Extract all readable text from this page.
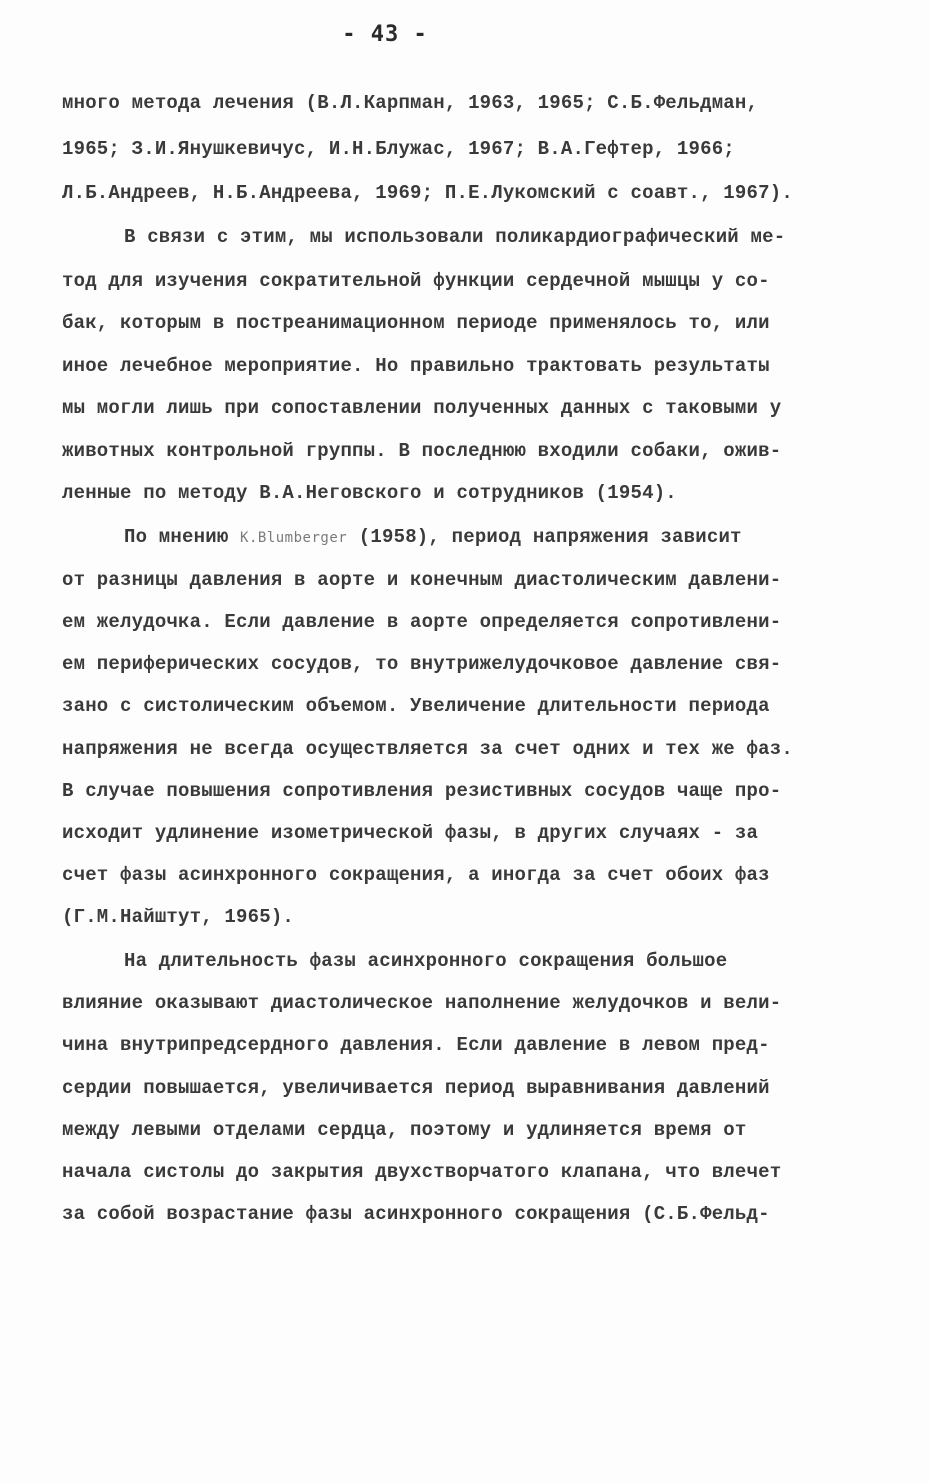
- 43 -
много метода лечения (В.Л.Карпман, 1963, 1965; С.Б.Фельдман,
1965; З.И.Янушкевичус, И.Н.Блужас, 1967; В.А.Гефтер, 1966;
Л.Б.Андреев, Н.Б.Андреева, 1969; П.Е.Лукомский с соавт., 1967).
В связи с этим, мы использовали поликардиографический ме-
тод для изучения сократительной функции сердечной мышцы у со-
бак, которым в постреанимационном периоде применялось то, или
иное лечебное мероприятие. Но правильно трактовать результаты
мы могли лишь при сопоставлении полученных данных с таковыми у
животных контрольной группы. В последнюю входили собаки, ожив-
ленные по методу В.А.Неговского и сотрудников (1954).
По мнению K.Blumberger (1958), период напряжения зависит
от разницы давления в аорте и конечным диастолическим давлени-
ем желудочка. Если давление в аорте определяется сопротивлени-
ем периферических сосудов, то внутрижелудочковое давление свя-
зано с систолическим объемом. Увеличение длительности периода
напряжения не всегда осуществляется за счет одних и тех же фаз.
В случае повышения сопротивления резистивных сосудов чаще про-
исходит удлинение изометрической фазы, в других случаях - за
счет фазы асинхронного сокращения, а иногда за счет обоих фаз
(Г.М.Найштут, 1965).
На длительность фазы асинхронного сокращения большое
влияние оказывают диастолическое наполнение желудочков и вели-
чина внутрипредсердного давления. Если давление в левом пред-
сердии повышается, увеличивается период выравнивания давлений
между левыми отделами сердца, поэтому и удлиняется время от
начала систолы до закрытия двухстворчатого клапана, что влечет
за собой возрастание фазы асинхронного сокращения (С.Б.Фельд-
